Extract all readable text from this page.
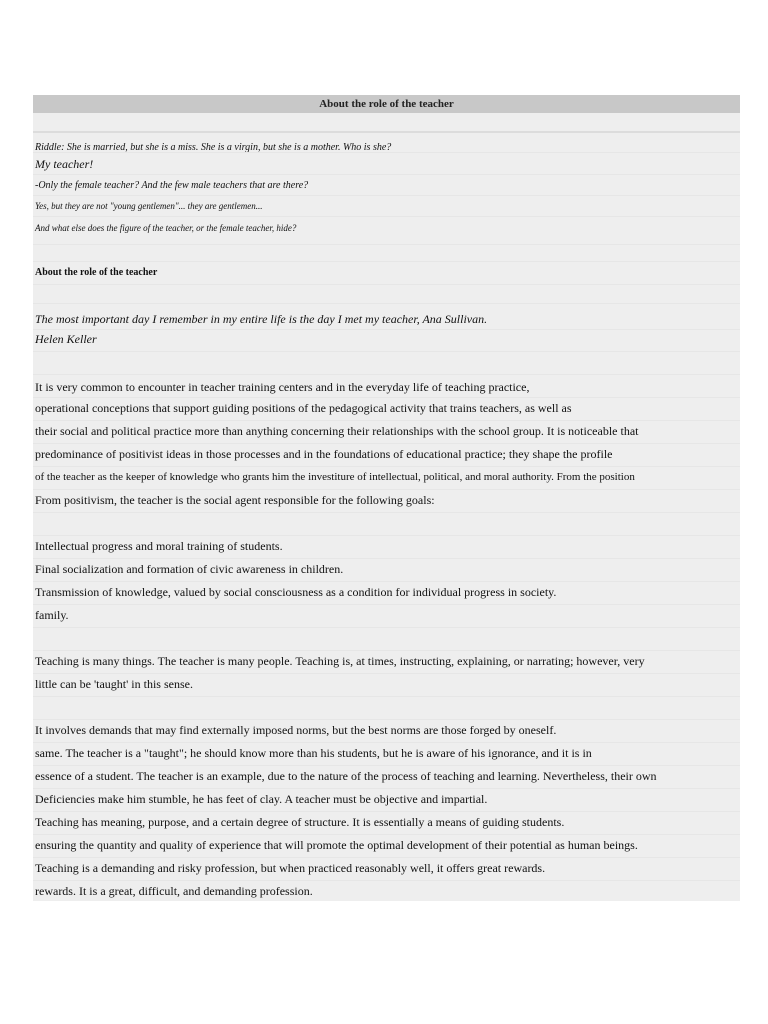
About the role of the teacher
Riddle: She is married, but she is a miss. She is a virgin, but she is a mother. Who is she?
My teacher!
-Only the female teacher? And the few male teachers that are there?
Yes, but they are not "young gentlemen"... they are gentlemen...
And what else does the figure of the teacher, or the female teacher, hide?
About the role of the teacher
The most important day I remember in my entire life is the day I met my teacher, Ana Sullivan.
Helen Keller
It is very common to encounter in teacher training centers and in the everyday life of teaching practice,
operational conceptions that support guiding positions of the pedagogical activity that trains teachers, as well as
their social and political practice more than anything concerning their relationships with the school group. It is noticeable that
predominance of positivist ideas in those processes and in the foundations of educational practice; they shape the profile
of the teacher as the keeper of knowledge who grants him the investiture of intellectual, political, and moral authority. From the position
From positivism, the teacher is the social agent responsible for the following goals:
Intellectual progress and moral training of students.
Final socialization and formation of civic awareness in children.
Transmission of knowledge, valued by social consciousness as a condition for individual progress in society.
family.
Teaching is many things. The teacher is many people. Teaching is, at times, instructing, explaining, or narrating; however, very
little can be 'taught' in this sense.
It involves demands that may find externally imposed norms, but the best norms are those forged by oneself.
same. The teacher is a "taught"; he should know more than his students, but he is aware of his ignorance, and it is in
essence of a student. The teacher is an example, due to the nature of the process of teaching and learning. Nevertheless, their own
Deficiencies make him stumble, he has feet of clay. A teacher must be objective and impartial.
Teaching has meaning, purpose, and a certain degree of structure. It is essentially a means of guiding students.
ensuring the quantity and quality of experience that will promote the optimal development of their potential as human beings.
Teaching is a demanding and risky profession, but when practiced reasonably well, it offers great rewards.
rewards. It is a great, difficult, and demanding profession.
